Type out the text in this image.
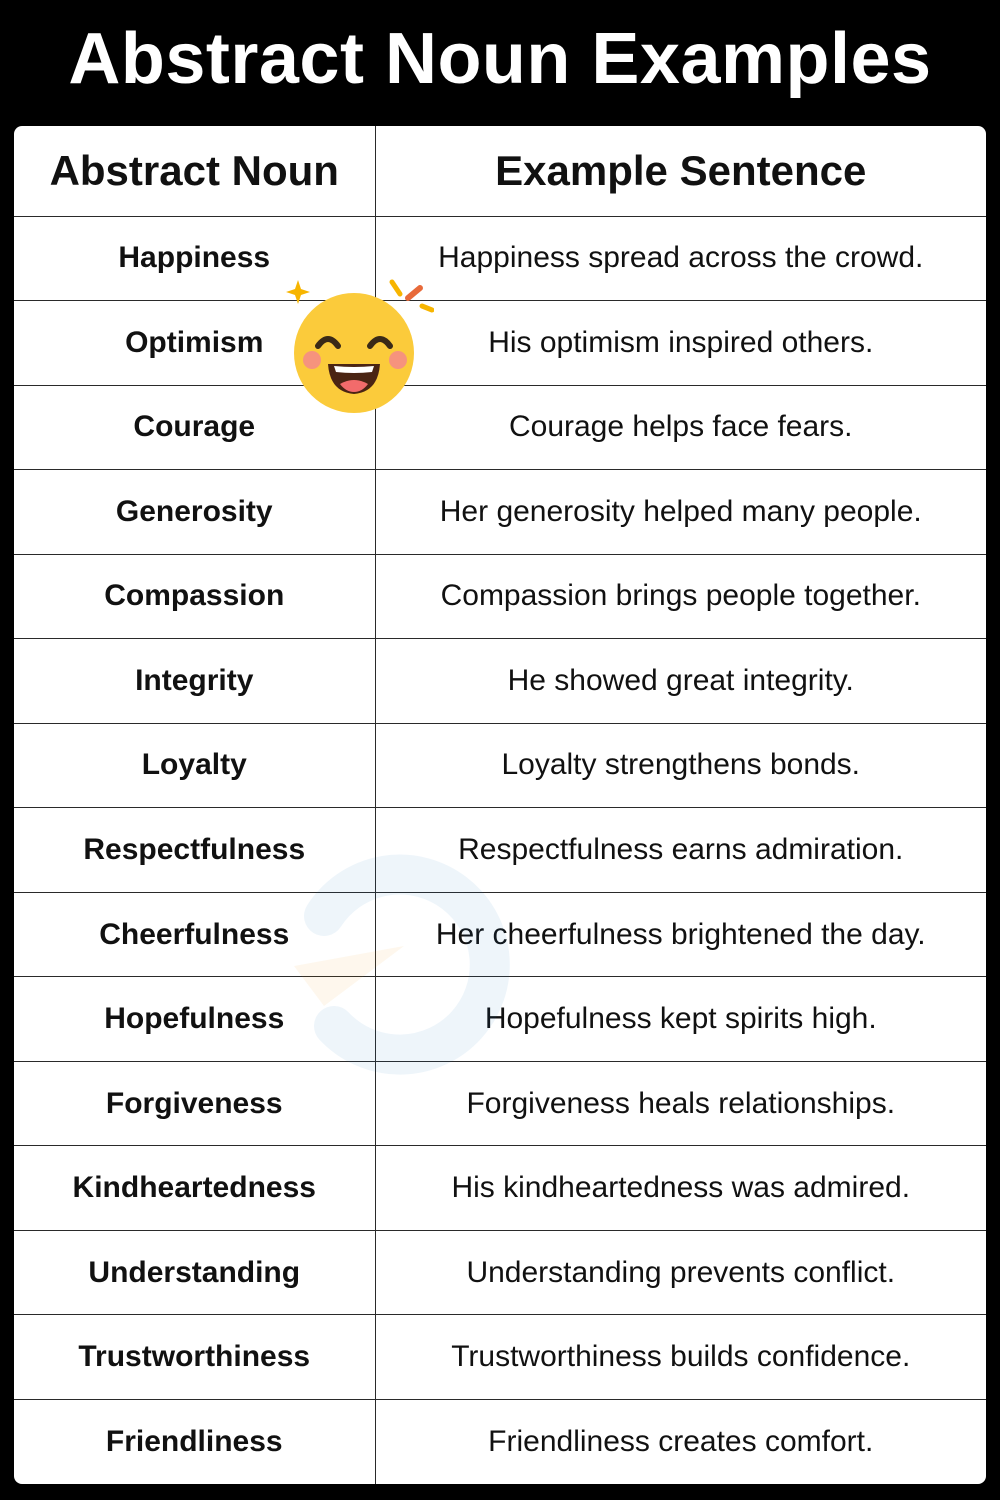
Abstract Noun Examples
Abstract Noun	Example Sentence
Happiness	Happiness spread across the crowd.
Optimism	His optimism inspired others.
Courage	Courage helps face fears.
Generosity	Her generosity helped many people.
Compassion	Compassion brings people together.
Integrity	He showed great integrity.
Loyalty	Loyalty strengthens bonds.
Respectfulness	Respectfulness earns admiration.
Cheerfulness	Her cheerfulness brightened the day.
Hopefulness	Hopefulness kept spirits high.
Forgiveness	Forgiveness heals relationships.
Kindheartedness	His kindheartedness was admired.
Understanding	Understanding prevents conflict.
Trustworthiness	Trustworthiness builds confidence.
Friendliness	Friendliness creates comfort.
